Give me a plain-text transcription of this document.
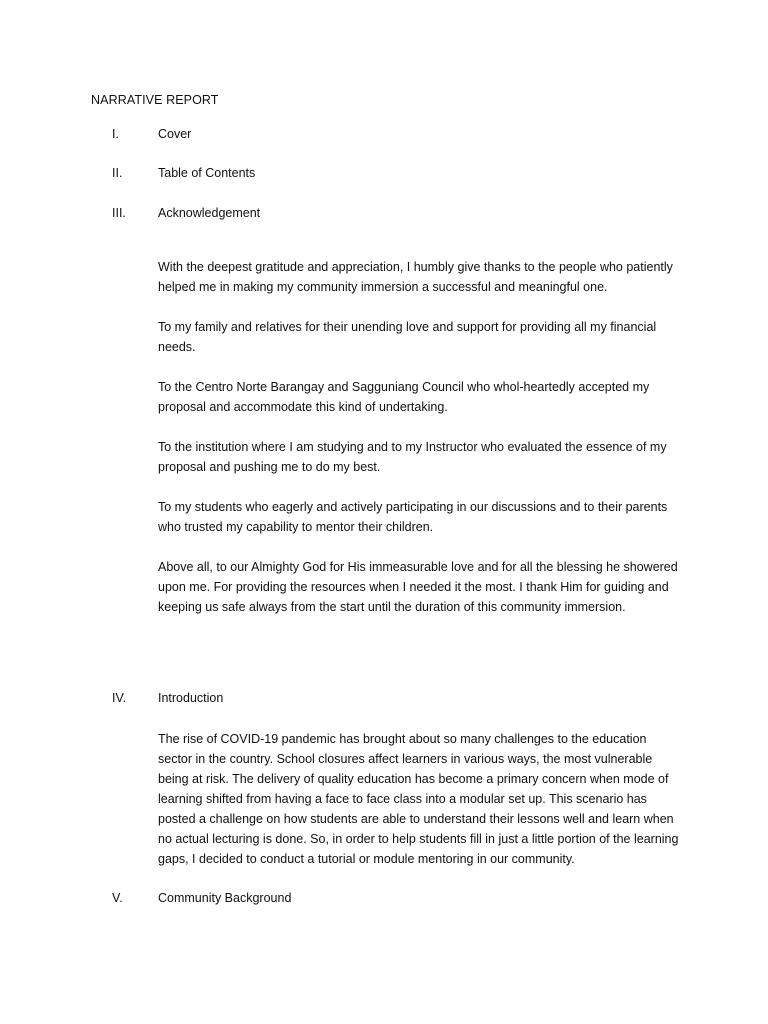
NARRATIVE REPORT
I.	Cover
II.	Table of Contents
III.	Acknowledgement

With the deepest gratitude and appreciation, I humbly give thanks to the people who patiently helped me in making my community immersion a successful and meaningful one.

To my family and relatives for their unending love and support for providing all my financial needs.

To the Centro Norte Barangay and Sagguniang Council who whol-heartedly accepted my proposal and accommodate this kind of undertaking.

To the institution where I am studying and to my Instructor who evaluated the essence of my proposal and pushing me to do my best.

To my students who eagerly and actively participating in our discussions and to their parents who trusted my capability to mentor their children.

Above all, to our Almighty God for His immeasurable love and for all the blessing he showered upon me. For providing the resources when I needed it the most. I thank Him for guiding and keeping us safe always from the start until the duration of this community immersion.

IV.	Introduction

The rise of COVID-19 pandemic has brought about so many challenges to the education sector in the country. School closures affect learners in various ways, the most vulnerable being at risk. The delivery of quality education has become a primary concern when mode of learning shifted from having a face to face class into a modular set up. This scenario has posted a challenge on how students are able to understand their lessons well and learn when no actual lecturing is done. So, in order to help students fill in just a little portion of the learning gaps, I decided to conduct a tutorial or module mentoring in our community.

V.	Community Background
